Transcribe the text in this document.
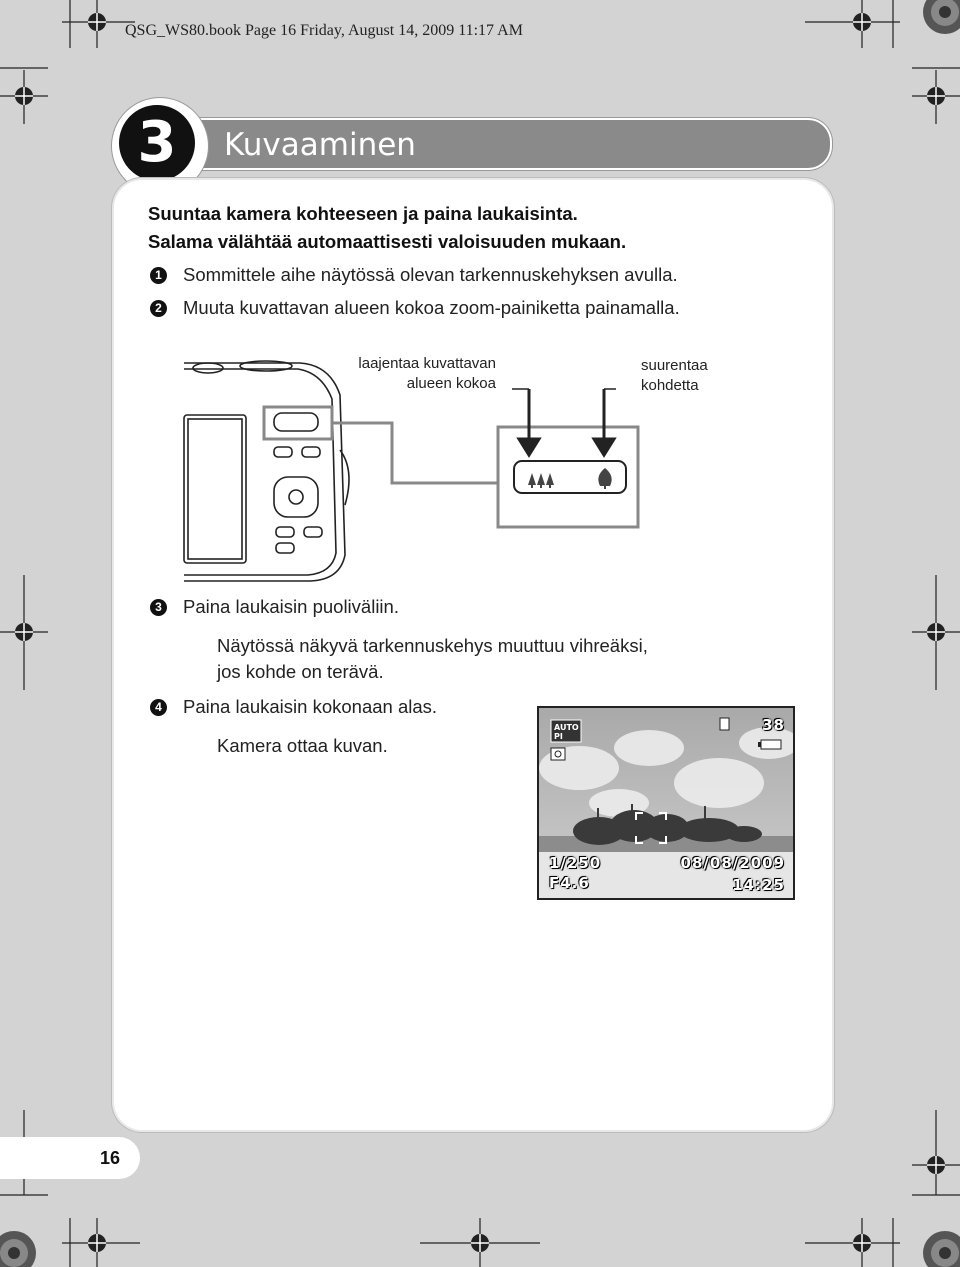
QSG_WS80.book Page 16 Friday, August 14, 2009 11:17 AM
Kuvaaminen
3
Suuntaa kamera kohteeseen ja paina laukaisinta.
Salama välähtää automaattisesti valoisuuden mukaan.
1 Sommittele aihe näytössä olevan tarkennuskehyksen avulla.
2 Muuta kuvattavan alueen kokoa zoom-painiketta painamalla.
laajentaa kuvattavan
alueen kokoa
suurentaa
kohdetta
3 Paina laukaisin puoliväliin.
Näytössä näkyvä tarkennuskehys muuttuu vihreäksi,
jos kohde on terävä.
4 Paina laukaisin kokonaan alas.
Kamera ottaa kuvan.
AUTO
PI
38
1/250
F4.6
08/08/2009
14:25
16
